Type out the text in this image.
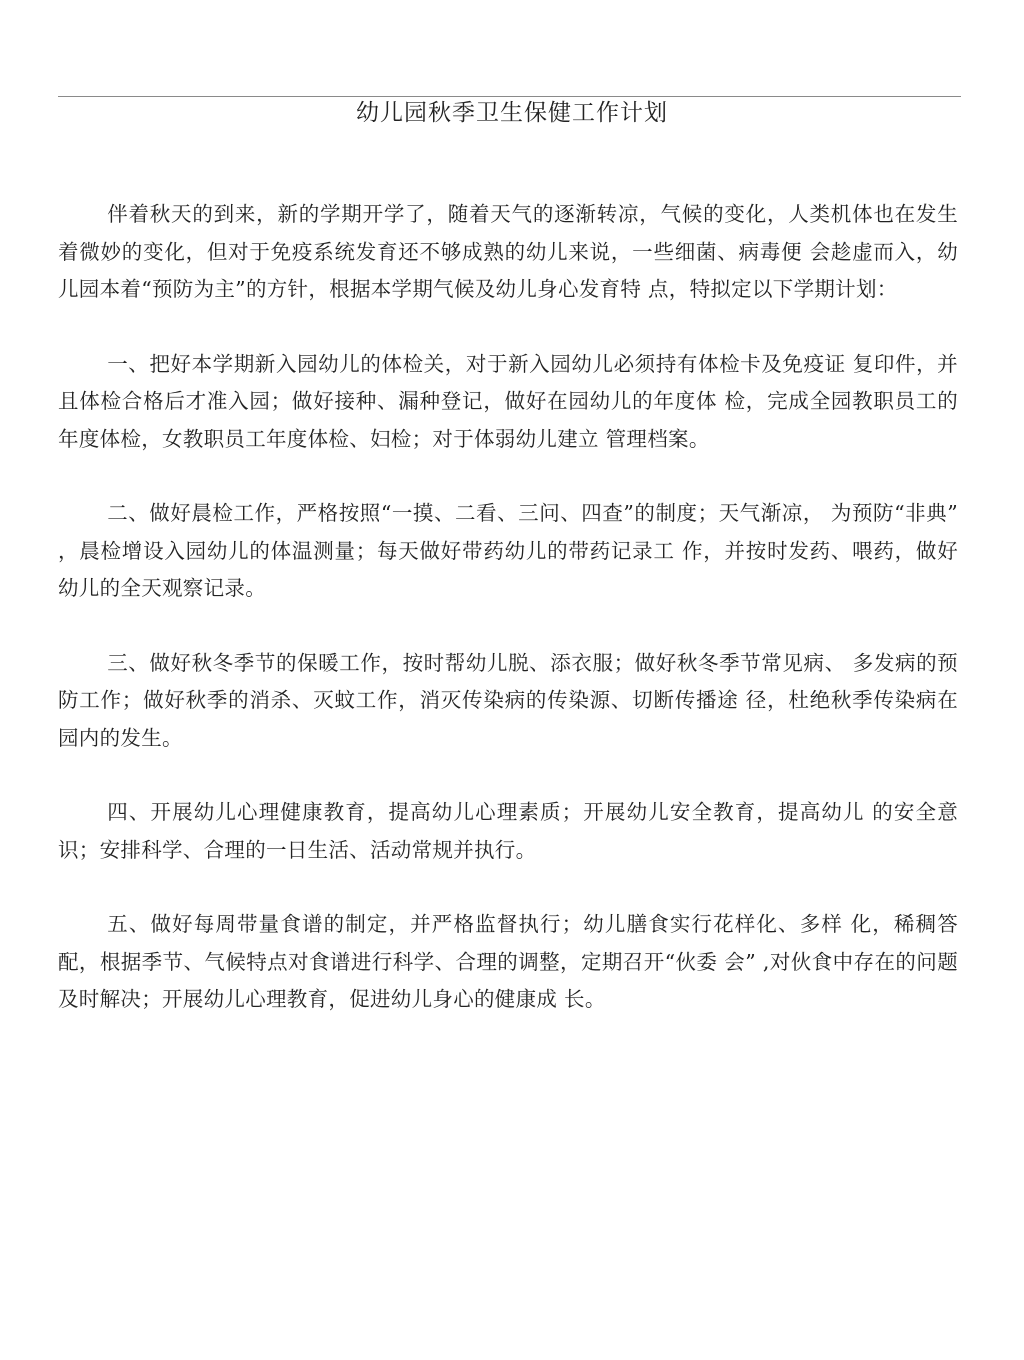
幼儿园秋季卫生保健工作计划

伴着秋天的到来，新的学期开学了，随着天气的逐渐转凉，气候的变化，人类机体也在发生着微妙的变化，但对于免疫系统发育还不够成熟的幼儿来说，一些细菌、病毒便 会趁虚而入，幼儿园本着“预防为主”的方针，根据本学期气候及幼儿身心发育特 点，特拟定以下学期计划：

一、把好本学期新入园幼儿的体检关，对于新入园幼儿必须持有体检卡及免疫证 复印件，并且体检合格后才准入园；做好接种、漏种登记，做好在园幼儿的年度体 检，完成全园教职员工的年度体检，女教职员工年度体检、妇检；对于体弱幼儿建立 管理档案。

二、做好晨检工作，严格按照“一摸、二看、三问、四查”的制度；天气渐凉， 为预防“非典” ，晨检增设入园幼儿的体温测量；每天做好带药幼儿的带药记录工 作，并按时发药、喂药，做好幼儿的全天观察记录。

三、做好秋冬季节的保暖工作，按时帮幼儿脱、添衣服；做好秋冬季节常见病、 多发病的预防工作；做好秋季的消杀、灭蚊工作，消灭传染病的传染源、切断传播途 径，杜绝秋季传染病在园内的发生。

四、开展幼儿心理健康教育，提高幼儿心理素质；开展幼儿安全教育，提高幼儿 的安全意识；安排科学、合理的一日生活、活动常规并执行。

五、做好每周带量食谱的制定，并严格监督执行；幼儿膳食实行花样化、多样 化，稀稠答配，根据季节、气候特点对食谱进行科学、合理的调整，定期召开“伙委 会” ,对伙食中存在的问题及时解决；开展幼儿心理教育，促进幼儿身心的健康成 长。
